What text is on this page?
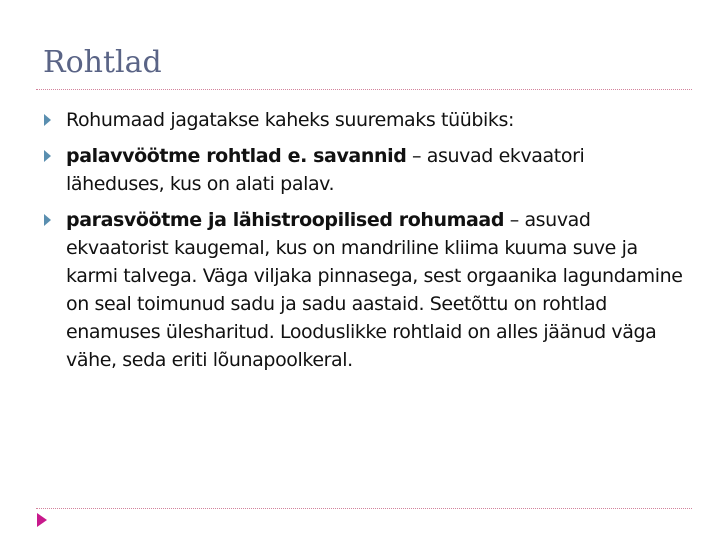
Rohtlad
Rohumaad jagatakse kaheks suuremaks tüübiks:
palavvöötme rohtlad e. savannid – asuvad ekvaatori läheduses, kus on alati palav.
parasvöötme ja lähistroopilised rohumaad – asuvad ekvaatorist kaugemal, kus on mandriline kliima kuuma suve ja karmi talvega. Väga viljaka pinnasega, sest orgaanika lagundamine on seal toimunud sadu ja sadu aastaid. Seetõttu on rohtlad enamuses ülesharitud. Looduslikke rohtlaid on alles jäänud väga vähe, seda eriti lõunapoolkeral.
